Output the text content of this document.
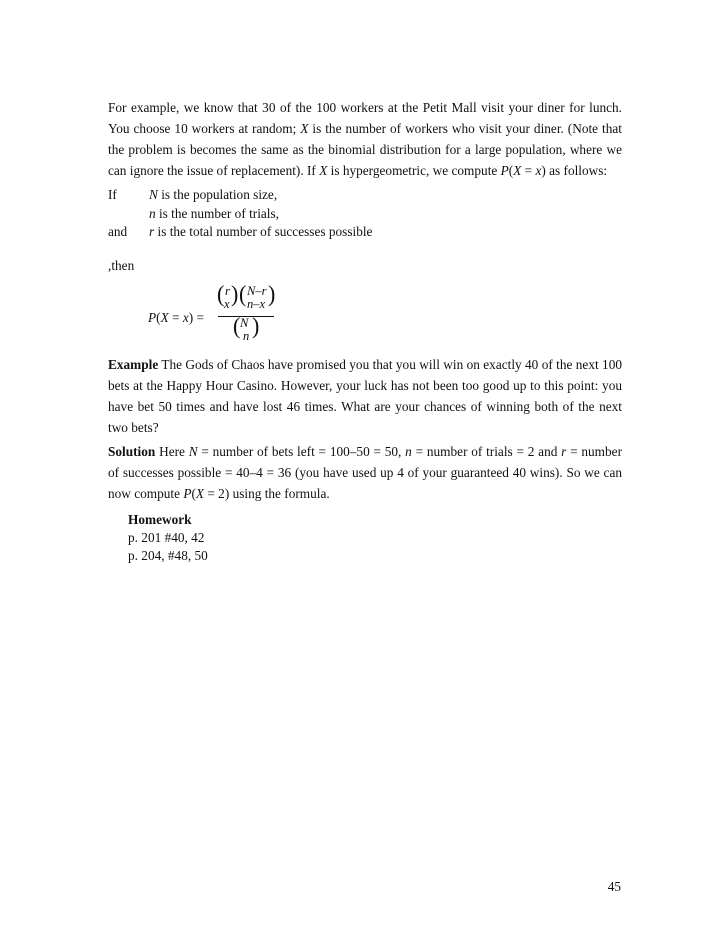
For example, we know that 30 of the 100 workers at the Petit Mall visit your diner for lunch. You choose 10 workers at random; X is the number of workers who visit your diner. (Note that the problem is becomes the same as the binomial distribution for a large population, where we can ignore the issue of replacement). If X is hypergeometric, we compute P(X = x) as follows:
If N is the population size,
n is the number of trials,
and r is the total number of successes possible
,then
P(X = x) =
( r
x ) ( N–r
n–x )
( N
n )
Example The Gods of Chaos have promised you that you will win on exactly 40 of the next 100 bets at the Happy Hour Casino. However, your luck has not been too good up to this point: you have bet 50 times and have lost 46 times. What are your chances of winning both of the next two bets?
Solution Here N = number of bets left = 100–50 = 50, n = number of trials = 2 and r = number of successes possible = 40–4 = 36 (you have used up 4 of your guaranteed 40 wins). So we can now compute P(X = 2) using the formula.
Homework
p. 201 #40, 42
p. 204, #48, 50
45
